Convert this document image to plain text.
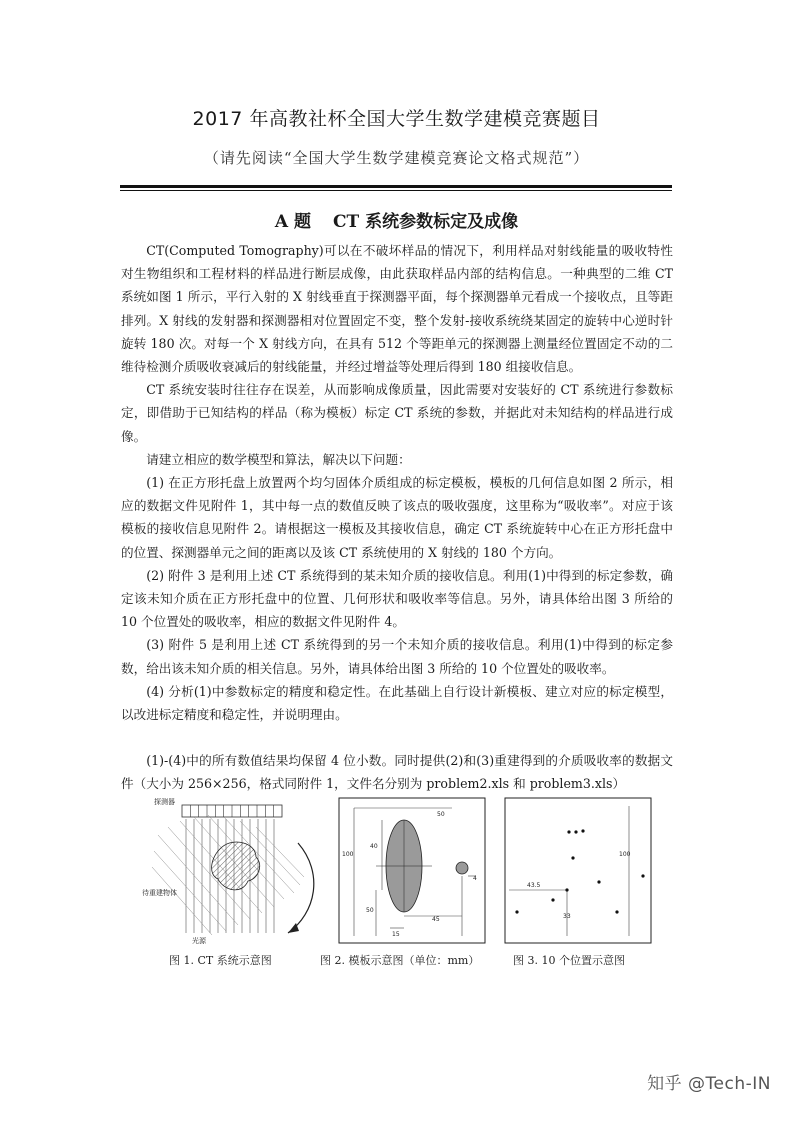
2017 年高教社杯全国大学生数学建模竞赛题目
（请先阅读“全国大学生数学建模竞赛论文格式规范”）
A 题 CT 系统参数标定及成像

CT(Computed Tomography)可以在不破坏样品的情况下，利用样品对射线能量的吸收特性对生物组织和工程材料的样品进行断层成像，由此获取样品内部的结构信息。一种典型的二维 CT 系统如图 1 所示，平行入射的 X 射线垂直于探测器平面，每个探测器单元看成一个接收点，且等距排列。X 射线的发射器和探测器相对位置固定不变，整个发射-接收系统绕某固定的旋转中心逆时针旋转 180 次。对每一个 X 射线方向，在具有 512 个等距单元的探测器上测量经位置固定不动的二维待检测介质吸收衰减后的射线能量，并经过增益等处理后得到 180 组接收信息。

CT 系统安装时往往存在误差，从而影响成像质量，因此需要对安装好的 CT 系统进行参数标定，即借助于已知结构的样品（称为模板）标定 CT 系统的参数，并据此对未知结构的样品进行成像。

请建立相应的数学模型和算法，解决以下问题：

(1) 在正方形托盘上放置两个均匀固体介质组成的标定模板，模板的几何信息如图 2 所示，相应的数据文件见附件 1，其中每一点的数值反映了该点的吸收强度，这里称为“吸收率”。对应于该模板的接收信息见附件 2。请根据这一模板及其接收信息，确定 CT 系统旋转中心在正方形托盘中的位置、探测器单元之间的距离以及该 CT 系统使用的 X 射线的 180 个方向。

(2) 附件 3 是利用上述 CT 系统得到的某未知介质的接收信息。利用(1)中得到的标定参数，确定该未知介质在正方形托盘中的位置、几何形状和吸收率等信息。另外，请具体给出图 3 所给的 10 个位置处的吸收率，相应的数据文件见附件 4。

(3) 附件 5 是利用上述 CT 系统得到的另一个未知介质的接收信息。利用(1)中得到的标定参数，给出该未知介质的相关信息。另外，请具体给出图 3 所给的 10 个位置处的吸收率。

(4) 分析(1)中参数标定的精度和稳定性。在此基础上自行设计新模板、建立对应的标定模型，以改进标定精度和稳定性，并说明理由。

(1)-(4)中的所有数值结果均保留 4 位小数。同时提供(2)和(3)重建得到的介质吸收率的数据文件（大小为 256×256，格式同附件 1，文件名分别为 problem2.xls 和 problem3.xls）

探测器
待重建物体
光源
50
100
40
50
45
15
4
100
43.5
33
图 1. CT 系统示意图	图 2. 模板示意图（单位：mm）	图 3. 10 个位置示意图
知乎 @Tech-IN
